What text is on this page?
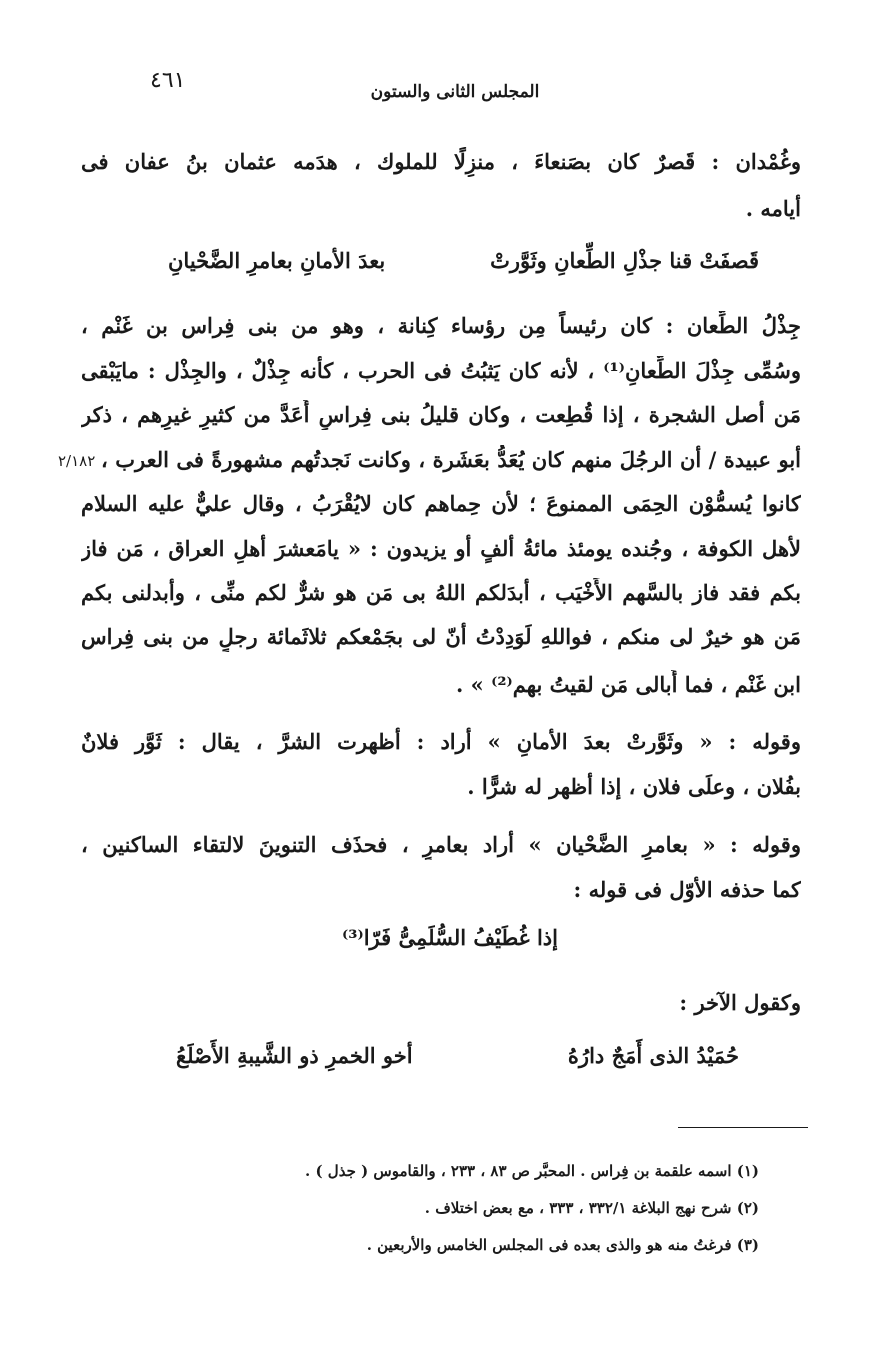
٤٦١	المجلس الثانى والستون
٢/١٨٢
وغُمْدان : قَصرٌ كان بصَنعاءَ ، منزِلًا للملوك ، هدَمه عثمان بنُ عفان فى
أيامه .
قَصفَتْ قنا جذْلِ الطِّعانِ وثَوَّرتْ
بعدَ الأمانِ بعامرِ الضَّحْيانِ
جِذْلُ الطِّعان : كان رئيساً مِن رؤساء كِنانة ، وهو من بنى فِراس بن غَنْم ،
وسُمِّى جِذْلَ الطِّعانِ⁽¹⁾ ، لأنه كان يَثبُتُ فى الحرب ، كأنه جِذْلٌ ، والجِذْل : مايَبْقى
مَن أصل الشجرة ، إذا قُطِعت ، وكان قليلُ بنى فِراسٍ أَعَدَّ من كثيرِ غيرِهم ، ذكر
أبو عبيدة / أن الرجُلَ منهم كان يُعَدُّ بعَشَرة ، وكانت نَجدتُهم مشهورةً فى العرب ،
كانوا يُسمُّوْن الحِمَى الممنوعَ ؛ لأن حِماهم كان لايُقْرَبُ ، وقال عليٌّ عليه السلام
لأهل الكوفة ، وجُنده يومئذ مائةُ ألفٍ أو يزيدون : « يامَعشرَ أهلِ العراق ، مَن فاز
بكم فقد فاز بالسَّهم الأَخْيَب ، أبدَلكم اللهُ بى مَن هو شرٌّ لكم منِّى ، وأبدلنى بكم
مَن هو خيرٌ لى منكم ، فواللهِ لَوَدِدْتُ أنّ لى بجَمْعكم ثلاثَمائة رجلٍ من بنى فِراس
ابن غَنْم ، فما أُبالى مَن لقيتُ بهم⁽²⁾ » .
وقوله : « وثَوَّرتْ بعدَ الأمانِ » أراد : أظهرت الشرَّ ، يقال : ثَوَّر فلانٌ
بفُلان ، وعلَى فلان ، إذا أظهر له شرًّا .
وقوله : « بعامرِ الضَّحْيان » أراد بعامرٍ ، فحذَف التنوينَ لالتقاء الساكنين ،
كما حذفه الأوّل فى قوله :
إذا غُطَيْفُ السُّلَمِىُّ فَرّا⁽³⁾
وكقول الآخر :
حُمَيْدُ الذى أَمَجٌ دارُهُ
أخو الخمرِ ذو الشَّيبةِ الأَصْلَعُ
(١) اسمه علقمة بن فِراس . المحبَّر ص ٨٣ ، ٢٣٣ ، والقاموس ( جذل ) .
(٢) شرح نهج البلاغة ٣٣٢/١ ، ٣٣٣ ، مع بعض اختلاف .
(٣) فرغتُ منه هو والذى بعده فى المجلس الخامس والأربعين .
